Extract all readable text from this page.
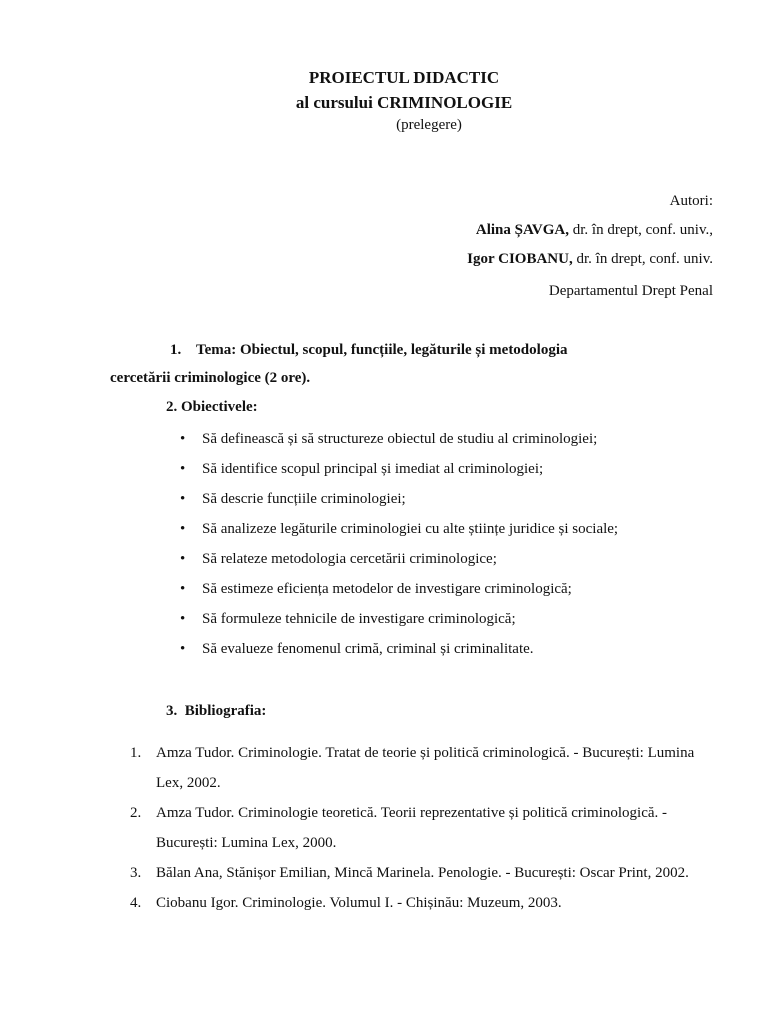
PROIECTUL DIDACTIC
al cursului CRIMINOLOGIE
(prelegere)
Autori:
Alina ȘAVGA, dr. în drept, conf. univ.,
Igor CIOBANU, dr. în drept, conf. univ.
Departamentul Drept Penal
1.    Tema: Obiectul, scopul, funcțiile, legăturile și metodologia
cercetării criminologice (2 ore).
2. Obiectivele:
• Să definească și să structureze obiectul de studiu al criminologiei;
• Să identifice scopul principal și imediat al criminologiei;
• Să descrie funcțiile criminologiei;
• Să analizeze legăturile criminologiei cu alte științe juridice și sociale;
• Să relateze metodologia cercetării criminologice;
• Să estimeze eficiența metodelor de investigare criminologică;
• Să formuleze tehnicile de investigare criminologică;
• Să evalueze fenomenul crimă, criminal și criminalitate.
3.  Bibliografia:
1. Amza Tudor. Criminologie. Tratat de teorie și politică criminologică. - București: Lumina Lex, 2002.
2. Amza Tudor. Criminologie teoretică. Teorii reprezentative și politică criminologică. - București: Lumina Lex, 2000.
3. Bălan Ana, Stănișor Emilian, Mincă Marinela. Penologie. - București: Oscar Print, 2002.
4. Ciobanu Igor. Criminologie. Volumul I. - Chișinău: Muzeum, 2003.
